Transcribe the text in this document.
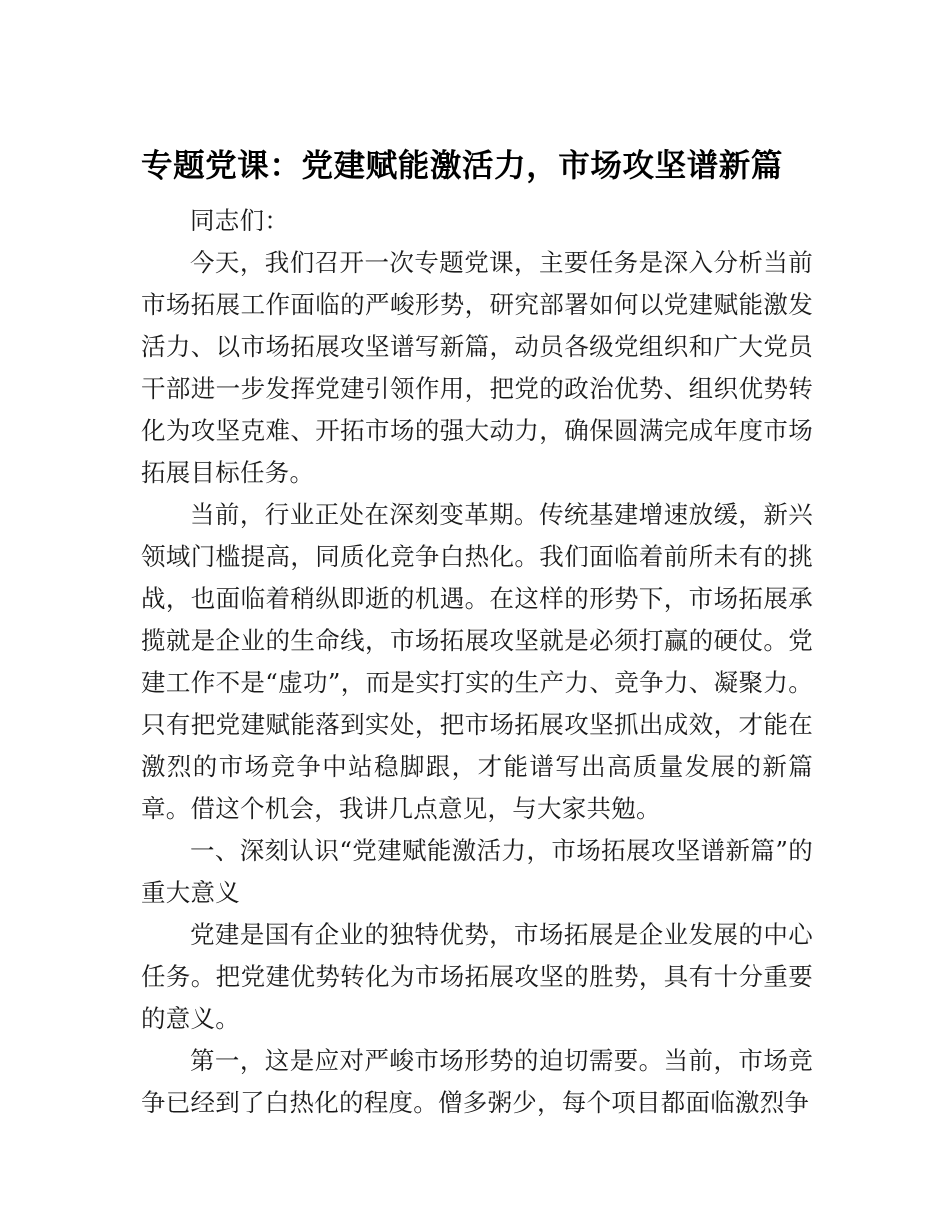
专题党课：党建赋能激活力，市场攻坚谱新篇

同志们：

今天，我们召开一次专题党课，主要任务是深入分析当前市场拓展工作面临的严峻形势，研究部署如何以党建赋能激发活力、以市场拓展攻坚谱写新篇，动员各级党组织和广大党员干部进一步发挥党建引领作用，把党的政治优势、组织优势转化为攻坚克难、开拓市场的强大动力，确保圆满完成年度市场拓展目标任务。

当前，行业正处在深刻变革期。传统基建增速放缓，新兴领域门槛提高，同质化竞争白热化。我们面临着前所未有的挑战，也面临着稍纵即逝的机遇。在这样的形势下，市场拓展承揽就是企业的生命线，市场拓展攻坚就是必须打赢的硬仗。党建工作不是“虚功”，而是实打实的生产力、竞争力、凝聚力。只有把党建赋能落到实处，把市场拓展攻坚抓出成效，才能在激烈的市场竞争中站稳脚跟，才能谱写出高质量发展的新篇章。借这个机会，我讲几点意见，与大家共勉。

一、深刻认识“党建赋能激活力，市场拓展攻坚谱新篇”的重大意义

党建是国有企业的独特优势，市场拓展是企业发展的中心任务。把党建优势转化为市场拓展攻坚的胜势，具有十分重要的意义。

第一，这是应对严峻市场形势的迫切需要。当前，市场竞争已经到了白热化的程度。僧多粥少，每个项目都面临激烈争
